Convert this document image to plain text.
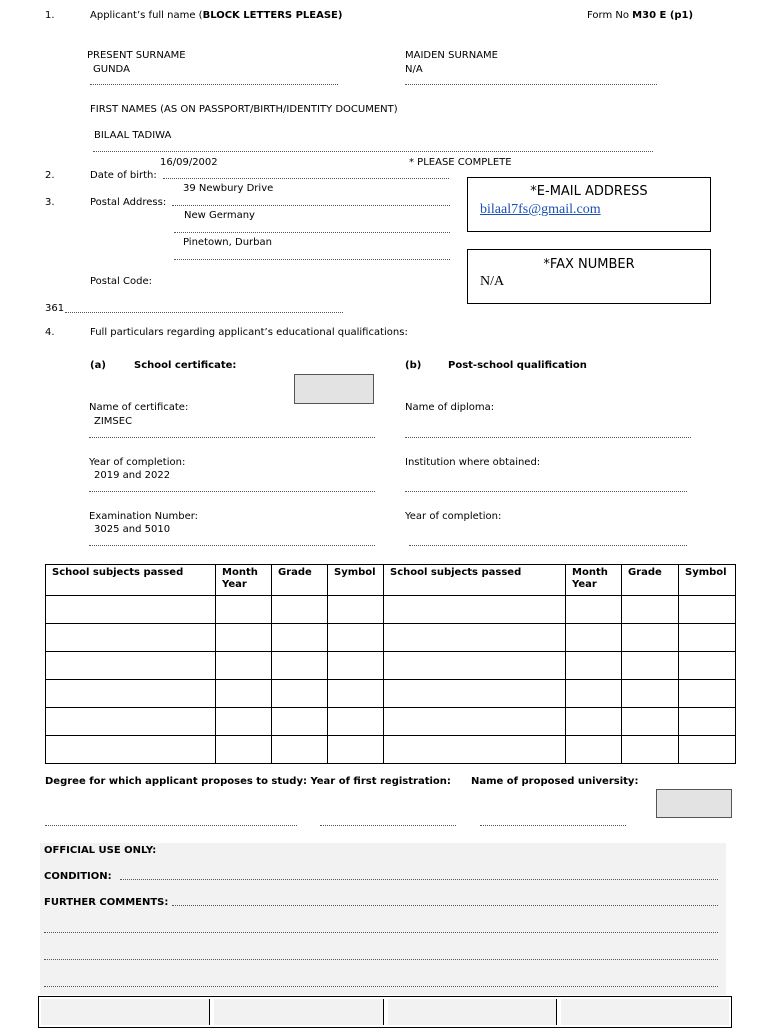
1.	Applicant’s full name (BLOCK LETTERS PLEASE)	Form No M30 E (p1)
PRESENT SURNAME
GUNDA
MAIDEN SURNAME
N/A
FIRST NAMES (AS ON PASSPORT/BIRTH/IDENTITY DOCUMENT)
BILAAL TADIWA
16/09/2002	* PLEASE COMPLETE
2.	Date of birth:
39 Newbury Drive
3.	Postal Address:
New Germany
Pinetown, Durban
Postal Code:
361
*E-MAIL ADDRESS
bilaal7fs@gmail.com
*FAX NUMBER
N/A
4.	Full particulars regarding applicant’s educational qualifications:
(a)	School certificate:	(b)	Post-school qualification
Name of certificate:
ZIMSEC
Name of diploma:
Year of completion:
2019 and 2022
Institution where obtained:
Examination Number:
3025 and 5010
Year of completion:
School subjects passed	Month Year	Grade	Symbol	School subjects passed	Month Year	Grade	Symbol

Degree for which applicant proposes to study: Year of first registration: Name of proposed university:
OFFICIAL USE ONLY:
CONDITION:
FURTHER COMMENTS:
